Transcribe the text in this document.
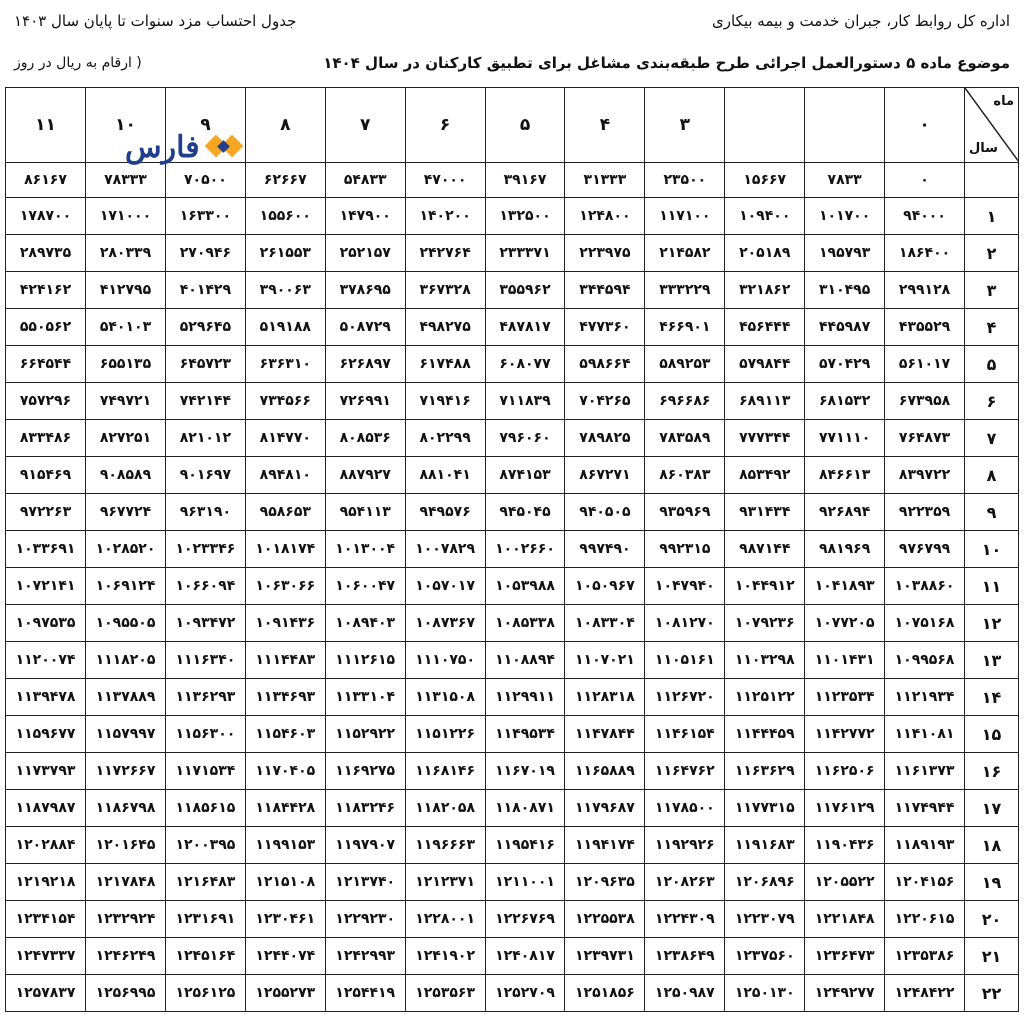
اداره کل روابط کار، جبران خدمت و بیمه بیکاری
موضوع ماده ۵ دستورالعمل اجرائی طرح طبقه‌بندی مشاغل برای تطبیق کارکنان در سال ۱۴۰۴
جدول احتساب مزد سنوات تا پایان سال ۱۴۰۳
( ارقام به ریال در روز
ماه
سال	۰			۳	۴	۵	۶	۷	۸	۹	۱۰	۱۱
	۰	۷۸۳۳	۱۵۶۶۷	۲۳۵۰۰	۳۱۳۳۳	۳۹۱۶۷	۴۷۰۰۰	۵۴۸۳۳	۶۲۶۶۷	۷۰۵۰۰	۷۸۳۳۳	۸۶۱۶۷
۱	۹۴۰۰۰	۱۰۱۷۰۰	۱۰۹۴۰۰	۱۱۷۱۰۰	۱۲۴۸۰۰	۱۳۲۵۰۰	۱۴۰۲۰۰	۱۴۷۹۰۰	۱۵۵۶۰۰	۱۶۳۳۰۰	۱۷۱۰۰۰	۱۷۸۷۰۰
۲	۱۸۶۴۰۰	۱۹۵۷۹۳	۲۰۵۱۸۹	۲۱۴۵۸۲	۲۲۳۹۷۵	۲۳۳۳۷۱	۲۴۲۷۶۴	۲۵۲۱۵۷	۲۶۱۵۵۳	۲۷۰۹۴۶	۲۸۰۳۳۹	۲۸۹۷۳۵
۳	۲۹۹۱۲۸	۳۱۰۴۹۵	۳۲۱۸۶۲	۳۳۳۲۲۹	۳۴۴۵۹۴	۳۵۵۹۶۲	۳۶۷۳۲۸	۳۷۸۶۹۵	۳۹۰۰۶۳	۴۰۱۴۲۹	۴۱۲۷۹۵	۴۲۴۱۶۲
۴	۴۳۵۵۲۹	۴۴۵۹۸۷	۴۵۶۴۴۴	۴۶۶۹۰۱	۴۷۷۳۶۰	۴۸۷۸۱۷	۴۹۸۲۷۵	۵۰۸۷۲۹	۵۱۹۱۸۸	۵۲۹۶۴۵	۵۴۰۱۰۳	۵۵۰۵۶۲
۵	۵۶۱۰۱۷	۵۷۰۴۲۹	۵۷۹۸۴۴	۵۸۹۲۵۳	۵۹۸۶۶۴	۶۰۸۰۷۷	۶۱۷۴۸۸	۶۲۶۸۹۷	۶۳۶۳۱۰	۶۴۵۷۲۳	۶۵۵۱۳۵	۶۶۴۵۴۴
۶	۶۷۳۹۵۸	۶۸۱۵۳۲	۶۸۹۱۱۳	۶۹۶۶۸۶	۷۰۴۲۶۵	۷۱۱۸۳۹	۷۱۹۴۱۶	۷۲۶۹۹۱	۷۳۴۵۶۶	۷۴۲۱۴۴	۷۴۹۷۲۱	۷۵۷۲۹۶
۷	۷۶۴۸۷۳	۷۷۱۱۱۰	۷۷۷۳۴۴	۷۸۳۵۸۹	۷۸۹۸۲۵	۷۹۶۰۶۰	۸۰۲۲۹۹	۸۰۸۵۳۶	۸۱۴۷۷۰	۸۲۱۰۱۲	۸۲۷۲۵۱	۸۳۳۴۸۶
۸	۸۳۹۷۲۲	۸۴۶۶۱۳	۸۵۳۴۹۲	۸۶۰۳۸۳	۸۶۷۲۷۱	۸۷۴۱۵۳	۸۸۱۰۴۱	۸۸۷۹۲۷	۸۹۴۸۱۰	۹۰۱۶۹۷	۹۰۸۵۸۹	۹۱۵۴۶۹
۹	۹۲۲۳۵۹	۹۲۶۸۹۴	۹۳۱۴۳۴	۹۳۵۹۶۹	۹۴۰۵۰۵	۹۴۵۰۴۵	۹۴۹۵۷۶	۹۵۴۱۱۳	۹۵۸۶۵۳	۹۶۳۱۹۰	۹۶۷۷۲۴	۹۷۲۲۶۳
۱۰	۹۷۶۷۹۹	۹۸۱۹۶۹	۹۸۷۱۴۴	۹۹۲۳۱۵	۹۹۷۴۹۰	۱۰۰۲۶۶۰	۱۰۰۷۸۲۹	۱۰۱۳۰۰۴	۱۰۱۸۱۷۴	۱۰۲۳۳۴۶	۱۰۲۸۵۲۰	۱۰۳۳۶۹۱
۱۱	۱۰۳۸۸۶۰	۱۰۴۱۸۹۳	۱۰۴۴۹۱۲	۱۰۴۷۹۴۰	۱۰۵۰۹۶۷	۱۰۵۳۹۸۸	۱۰۵۷۰۱۷	۱۰۶۰۰۴۷	۱۰۶۳۰۶۶	۱۰۶۶۰۹۴	۱۰۶۹۱۲۴	۱۰۷۲۱۴۱
۱۲	۱۰۷۵۱۶۸	۱۰۷۷۲۰۵	۱۰۷۹۲۳۶	۱۰۸۱۲۷۰	۱۰۸۳۳۰۴	۱۰۸۵۳۳۸	۱۰۸۷۳۶۷	۱۰۸۹۴۰۳	۱۰۹۱۴۳۶	۱۰۹۳۴۷۲	۱۰۹۵۵۰۵	۱۰۹۷۵۳۵
۱۳	۱۰۹۹۵۶۸	۱۱۰۱۴۳۱	۱۱۰۳۲۹۸	۱۱۰۵۱۶۱	۱۱۰۷۰۲۱	۱۱۰۸۸۹۴	۱۱۱۰۷۵۰	۱۱۱۲۶۱۵	۱۱۱۴۴۸۳	۱۱۱۶۳۴۰	۱۱۱۸۲۰۵	۱۱۲۰۰۷۴
۱۴	۱۱۲۱۹۳۴	۱۱۲۳۵۳۴	۱۱۲۵۱۲۲	۱۱۲۶۷۲۰	۱۱۲۸۳۱۸	۱۱۲۹۹۱۱	۱۱۳۱۵۰۸	۱۱۳۳۱۰۴	۱۱۳۴۶۹۳	۱۱۳۶۲۹۳	۱۱۳۷۸۸۹	۱۱۳۹۴۷۸
۱۵	۱۱۴۱۰۸۱	۱۱۴۲۷۷۲	۱۱۴۴۴۵۹	۱۱۴۶۱۵۴	۱۱۴۷۸۴۴	۱۱۴۹۵۳۴	۱۱۵۱۲۲۶	۱۱۵۲۹۲۲	۱۱۵۴۶۰۳	۱۱۵۶۳۰۰	۱۱۵۷۹۹۷	۱۱۵۹۶۷۷
۱۶	۱۱۶۱۳۷۳	۱۱۶۲۵۰۶	۱۱۶۳۶۲۹	۱۱۶۴۷۶۲	۱۱۶۵۸۸۹	۱۱۶۷۰۱۹	۱۱۶۸۱۴۶	۱۱۶۹۲۷۵	۱۱۷۰۴۰۵	۱۱۷۱۵۳۴	۱۱۷۲۶۶۷	۱۱۷۳۷۹۳
۱۷	۱۱۷۴۹۴۴	۱۱۷۶۱۲۹	۱۱۷۷۳۱۵	۱۱۷۸۵۰۰	۱۱۷۹۶۸۷	۱۱۸۰۸۷۱	۱۱۸۲۰۵۸	۱۱۸۳۲۴۶	۱۱۸۴۴۲۸	۱۱۸۵۶۱۵	۱۱۸۶۷۹۸	۱۱۸۷۹۸۷
۱۸	۱۱۸۹۱۹۳	۱۱۹۰۴۳۶	۱۱۹۱۶۸۳	۱۱۹۲۹۲۶	۱۱۹۴۱۷۴	۱۱۹۵۴۱۶	۱۱۹۶۶۶۳	۱۱۹۷۹۰۷	۱۱۹۹۱۵۳	۱۲۰۰۳۹۵	۱۲۰۱۶۴۵	۱۲۰۲۸۸۴
۱۹	۱۲۰۴۱۵۶	۱۲۰۵۵۲۲	۱۲۰۶۸۹۶	۱۲۰۸۲۶۳	۱۲۰۹۶۳۵	۱۲۱۱۰۰۱	۱۲۱۲۳۷۱	۱۲۱۳۷۴۰	۱۲۱۵۱۰۸	۱۲۱۶۴۸۳	۱۲۱۷۸۴۸	۱۲۱۹۲۱۸
۲۰	۱۲۲۰۶۱۵	۱۲۲۱۸۴۸	۱۲۲۳۰۷۹	۱۲۲۴۳۰۹	۱۲۲۵۵۳۸	۱۲۲۶۷۶۹	۱۲۲۸۰۰۱	۱۲۲۹۲۳۰	۱۲۳۰۴۶۱	۱۲۳۱۶۹۱	۱۲۳۲۹۲۴	۱۲۳۴۱۵۴
۲۱	۱۲۳۵۳۸۶	۱۲۳۶۴۷۳	۱۲۳۷۵۶۰	۱۲۳۸۶۴۹	۱۲۳۹۷۳۱	۱۲۴۰۸۱۷	۱۲۴۱۹۰۲	۱۲۴۲۹۹۳	۱۲۴۴۰۷۴	۱۲۴۵۱۶۴	۱۲۴۶۲۴۹	۱۲۴۷۳۳۷
۲۲	۱۲۴۸۴۲۲	۱۲۴۹۲۷۷	۱۲۵۰۱۳۰	۱۲۵۰۹۸۷	۱۲۵۱۸۵۶	۱۲۵۲۷۰۹	۱۲۵۳۵۶۳	۱۲۵۴۴۱۹	۱۲۵۵۲۷۳	۱۲۵۶۱۲۵	۱۲۵۶۹۹۵	۱۲۵۷۸۳۷
فارس
